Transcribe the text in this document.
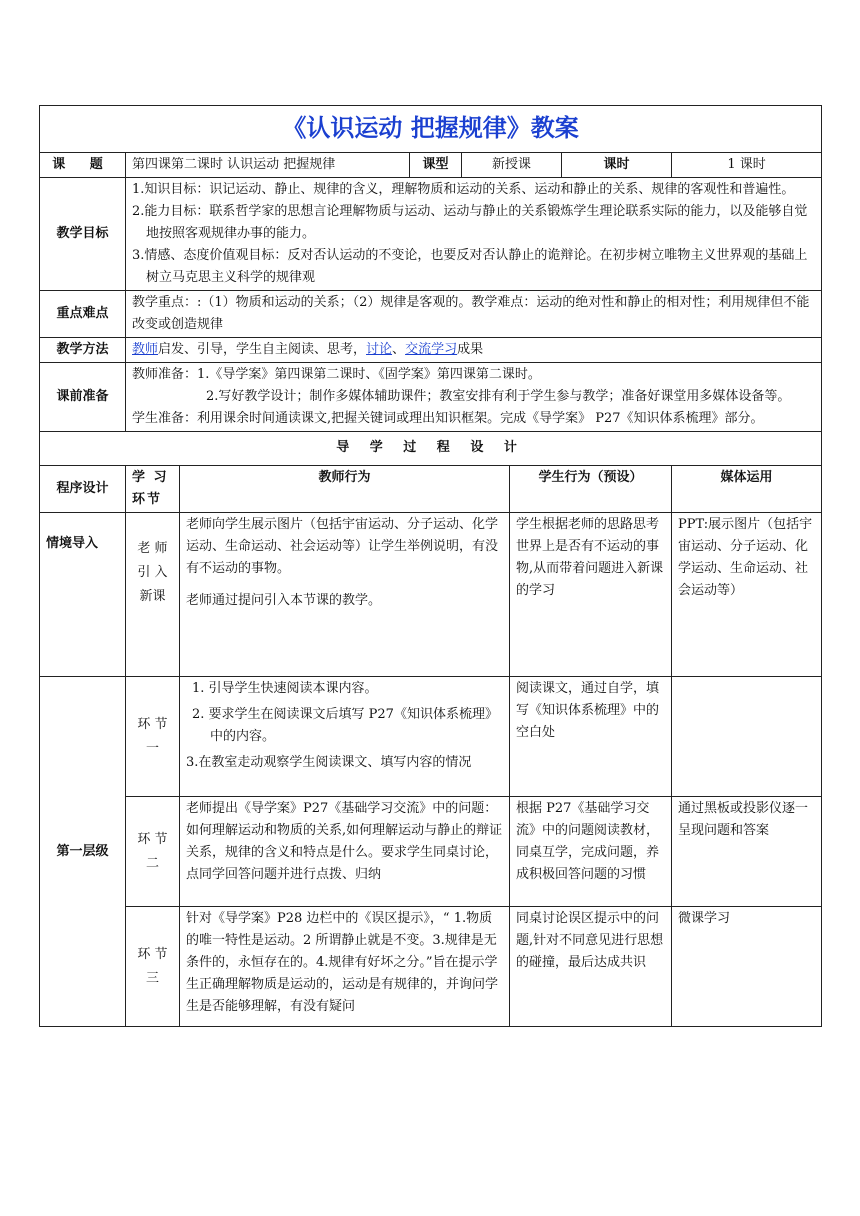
《认识运动 把握规律》教案							
课 题	第四课第二课时 认识运动 把握规律		课型	新授课		课时	1 课时
教学目标	1.知识目标：识记运动、静止、规律的含义，理解物质和运动的关系、运动和静止的关系、规律的客观性和普遍性。

2.能力目标：联系哲学家的思想言论理解物质与运动、运动与静止的关系锻炼学生理论联系实际的能力，以及能够自觉地按照客观规律办事的能力。

3.情感、态度价值观目标：反对否认运动的不变论，也要反对否认静止的诡辩论。在初步树立唯物主义世界观的基础上树立马克思主义科学的规律观						

重点难点	教学重点：:（1）物质和运动的关系；（2）规律是客观的。教学难点：运动的绝对性和静止的相对性；利用规律但不能改变或创造规律						
教学方法	教师启发、引导，学生自主阅读、思考，讨论、交流学习成果						
课前准备	教师准备：1.《导学案》第四课第二课时、《固学案》第四课第二课时。

2.写好教学设计；制作多媒体辅助课件；教室安排有利于学生参与教学；准备好课堂用多媒体设备等。

学生准备：利用课余时间通读课文,把握关键词或理出知识框架。完成《导学案》 P27《知识体系梳理》部分。						

导 学 过 程 设 计							
程序设计	学 习 环节	教师行为			学生行为（预设）		媒体运用
情境导入	老 师 引 入 新课	老师向学生展示图片（包括宇宙运动、分子运动、化学运动、生命运动、社会运动等）让学生举例说明，有没有不运动的事物。

老师通过提问引入本节课的教学。			学生根据老师的思路思考世界上是否有不运动的事物,从而带着问题进入新课的学习		PPT:展示图片（包括宇宙运动、分子运动、化学运动、生命运动、社会运动等）
第一层级	环 节 一	1. 引导学生快速阅读本课内容。

2. 要求学生在阅读课文后填写 P27《知识体系梳理》中的内容。

3.在教室走动观察学生阅读课文、填写内容的情况			阅读课文，通过自学，填写《知识体系梳理》中的空白处		
	环 节 二	老师提出《导学案》P27《基础学习交流》中的问题：如何理解运动和物质的关系,如何理解运动与静止的辩证关系，规律的含义和特点是什么。要求学生同桌讨论，点同学回答问题并进行点拨、归纳			根据 P27《基础学习交流》中的问题阅读教材，同桌互学，完成问题，养成积极回答问题的习惯		通过黑板或投影仪逐一呈现问题和答案
	环 节 三	针对《导学案》P28 边栏中的《误区提示》，“ 1.物质的唯一特性是运动。2 所谓静止就是不变。3.规律是无条件的，永恒存在的。4.规律有好坏之分。”旨在提示学生正确理解物质是运动的，运动是有规律的，并询问学生是否能够理解，有没有疑问			同桌讨论误区提示中的问题,针对不同意见进行思想的碰撞，最后达成共识		微课学习
